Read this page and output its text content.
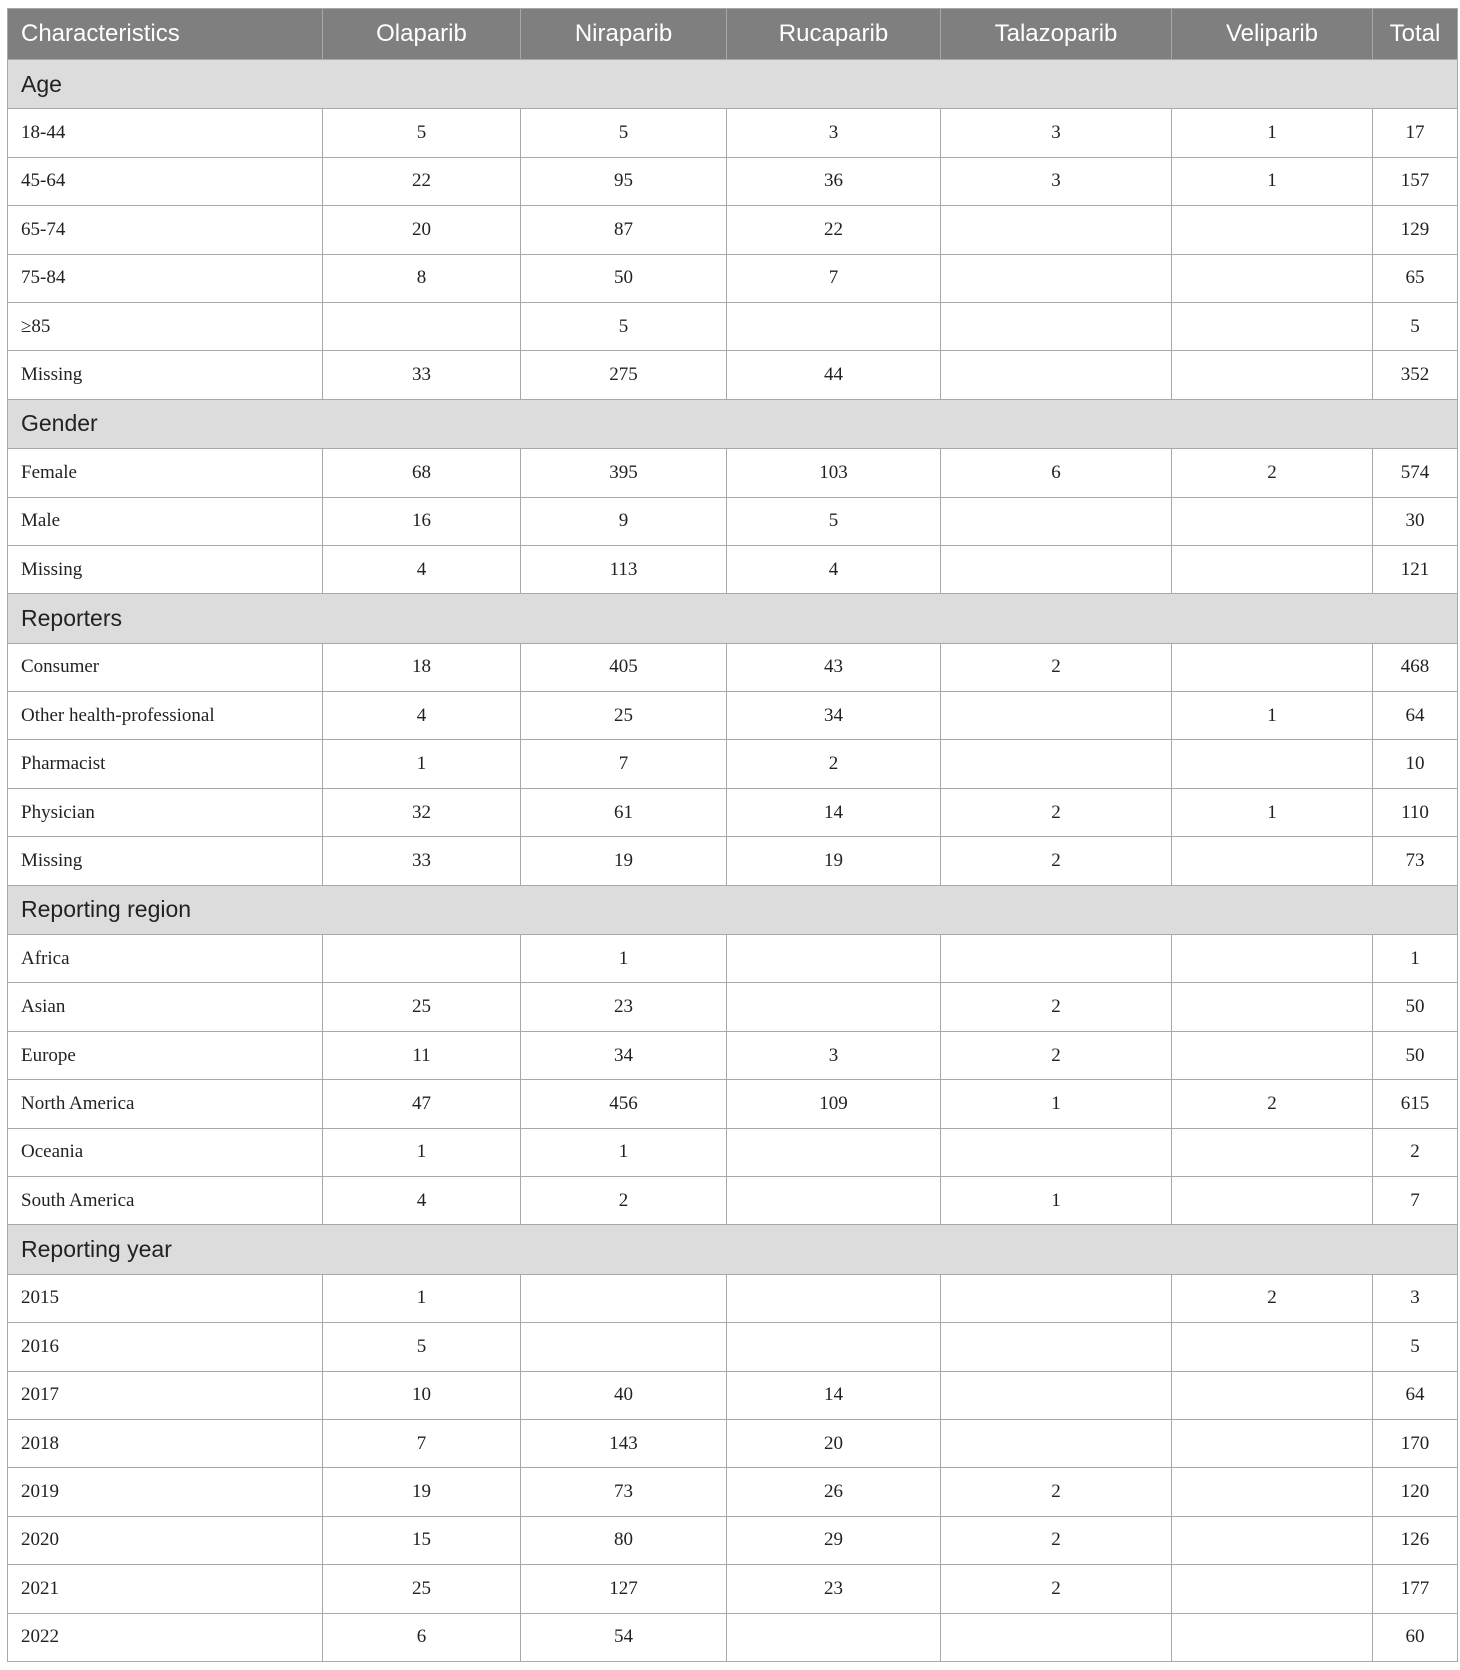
Characteristics	Olaparib	Niraparib	Rucaparib	Talazoparib	Veliparib	Total
Age						
18-44	5	5	3	3	1	17
45-64	22	95	36	3	1	157
65-74	20	87	22			129
75-84	8	50	7			65
≥85		5				5
Missing	33	275	44			352
Gender						
Female	68	395	103	6	2	574
Male	16	9	5			30
Missing	4	113	4			121
Reporters						
Consumer	18	405	43	2		468
Other health-professional	4	25	34		1	64
Pharmacist	1	7	2			10
Physician	32	61	14	2	1	110
Missing	33	19	19	2		73
Reporting region						
Africa		1				1
Asian	25	23		2		50
Europe	11	34	3	2		50
North America	47	456	109	1	2	615
Oceania	1	1				2
South America	4	2		1		7
Reporting year						
2015	1				2	3
2016	5					5
2017	10	40	14			64
2018	7	143	20			170
2019	19	73	26	2		120
2020	15	80	29	2		126
2021	25	127	23	2		177
2022	6	54				60
